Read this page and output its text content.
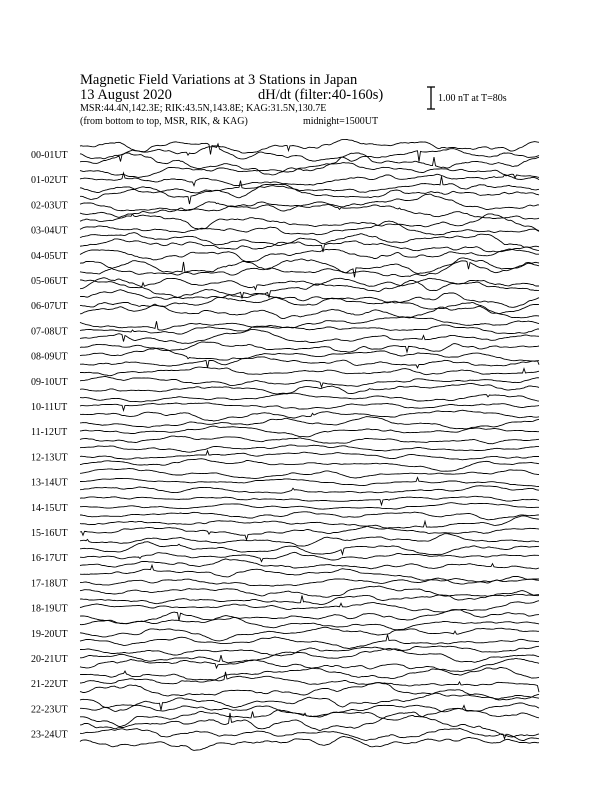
Magnetic Field Variations at 3 Stations in Japan
13 August 2020	dH/dt (filter:40-160s)
MSR:44.4N,142.3E; RIK:43.5N,143.8E; KAG:31.5N,130.7E
(from bottom to top, MSR, RIK, & KAG)	midnight=1500UT
1.00 nT at T=80s
00-01UT
01-02UT
02-03UT
03-04UT
04-05UT
05-06UT
06-07UT
07-08UT
08-09UT
09-10UT
10-11UT
11-12UT
12-13UT
13-14UT
14-15UT
15-16UT
16-17UT
17-18UT
18-19UT
19-20UT
20-21UT
21-22UT
22-23UT
23-24UT
